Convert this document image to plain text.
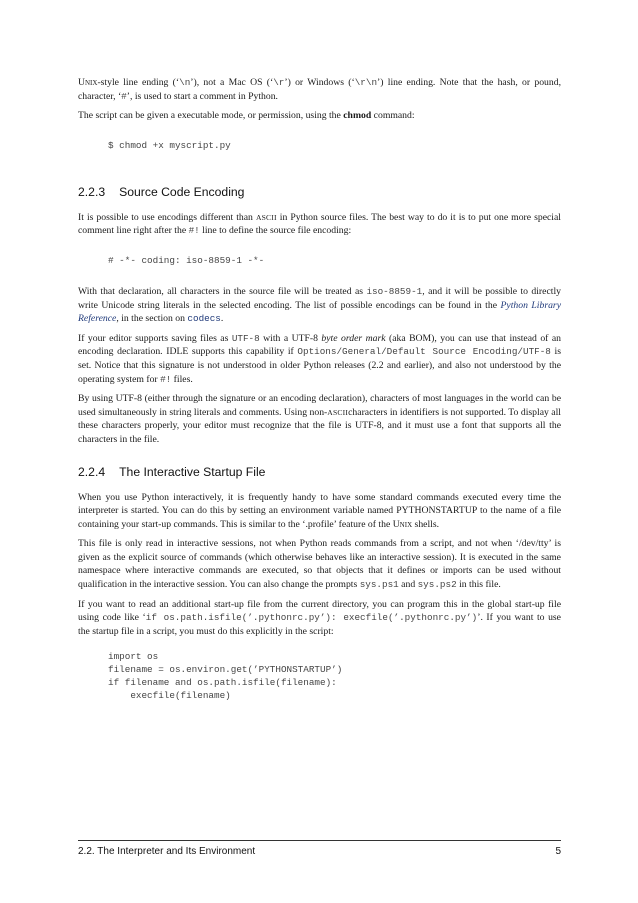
Unix-style line ending (‘\n’), not a Mac OS (‘\r’) or Windows (‘\r\n’) line ending. Note that the hash, or pound, character, ‘#’, is used to start a comment in Python.

The script can be given a executable mode, or permission, using the chmod command:

$ chmod +x myscript.py
2.2.3 Source Code Encoding

It is possible to use encodings different than ASCII in Python source files. The best way to do it is to put one more special comment line right after the #! line to define the source file encoding:

# -*- coding: iso-8859-1 -*-

With that declaration, all characters in the source file will be treated as iso-8859-1, and it will be possible to directly write Unicode string literals in the selected encoding. The list of possible encodings can be found in the Python Library Reference, in the section on codecs.

If your editor supports saving files as UTF-8 with a UTF-8 byte order mark (aka BOM), you can use that instead of an encoding declaration. IDLE supports this capability if Options/General/Default Source Encoding/UTF-8 is set. Notice that this signature is not understood in older Python releases (2.2 and earlier), and also not understood by the operating system for #! files.

By using UTF-8 (either through the signature or an encoding declaration), characters of most languages in the world can be used simultaneously in string literals and comments. Using non-ASCIIcharacters in identifiers is not supported. To display all these characters properly, your editor must recognize that the file is UTF-8, and it must use a font that supports all the characters in the file.

2.2.4 The Interactive Startup File

When you use Python interactively, it is frequently handy to have some standard commands executed every time the interpreter is started. You can do this by setting an environment variable named PYTHONSTARTUP to the name of a file containing your start-up commands. This is similar to the ‘.profile’ feature of the Unix shells.

This file is only read in interactive sessions, not when Python reads commands from a script, and not when ‘/dev/tty’ is given as the explicit source of commands (which otherwise behaves like an interactive session). It is executed in the same namespace where interactive commands are executed, so that objects that it defines or imports can be used without qualification in the interactive session. You can also change the prompts sys.ps1 and sys.ps2 in this file.

If you want to read an additional start-up file from the current directory, you can program this in the global start-up file using code like ‘if os.path.isfile(’.pythonrc.py’): execfile(’.pythonrc.py’)’. If you want to use the startup file in a script, you must do this explicitly in the script:

import os
filename = os.environ.get(’PYTHONSTARTUP’)
if filename and os.path.isfile(filename):
execfile(filename)
2.2. The Interpreter and Its Environment	5
